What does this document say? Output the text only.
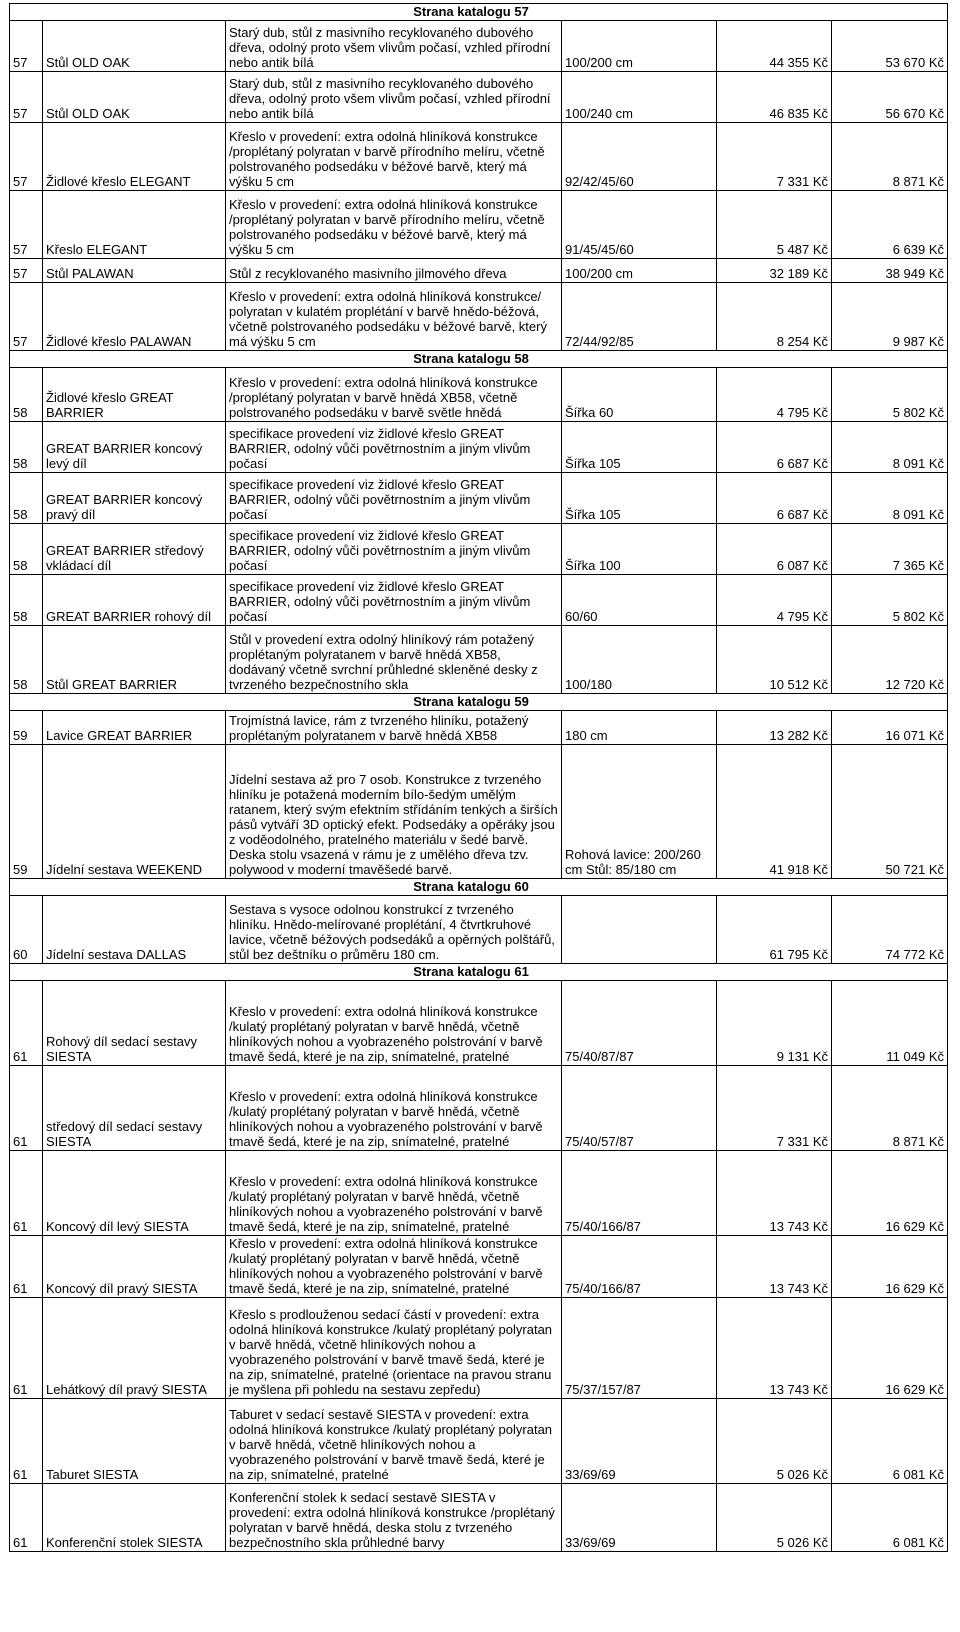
		Strana katalogu 57			
57	Stůl OLD OAK	Starý dub, stůl z masivního recyklovaného dubového dřeva, odolný proto všem vlivům počasí, vzhled přírodní nebo antik bílá	100/200 cm	44 355 Kč	53 670 Kč
57	Stůl OLD OAK	Starý dub, stůl z masivního recyklovaného dubového dřeva, odolný proto všem vlivům počasí, vzhled přírodní nebo antik bílá	100/240 cm	46 835 Kč	56 670 Kč
57	Židlové křeslo ELEGANT	Křeslo v provedení: extra odolná hliníková konstrukce /proplétaný polyratan v barvě přírodního melíru, včetně polstrovaného podsedáku v béžové barvě, který má výšku 5 cm	92/42/45/60	7 331 Kč	8 871 Kč
57	Křeslo ELEGANT	Křeslo v provedení: extra odolná hliníková konstrukce /proplétaný polyratan v barvě přírodního melíru, včetně polstrovaného podsedáku v béžové barvě, který má výšku 5 cm	91/45/45/60	5 487 Kč	6 639 Kč
57	Stůl PALAWAN	Stůl z recyklovaného masivního jilmového dřeva	100/200 cm	32 189 Kč	38 949 Kč
57	Židlové křeslo PALAWAN	Křeslo v provedení: extra odolná hliníková konstrukce/ polyratan v kulatém proplétání v barvě hnědo-béžová, včetně polstrovaného podsedáku v béžové barvě, který má výšku 5 cm	72/44/92/85	8 254 Kč	9 987 Kč
		Strana katalogu 58			
58	Židlové křeslo GREAT BARRIER	Křeslo v provedení: extra odolná hliníková konstrukce /proplétaný polyratan v barvě hnědá XB58, včetně polstrovaného podsedáku v barvě světle hnědá	Šířka 60	4 795 Kč	5 802 Kč
58	GREAT BARRIER koncový levý díl	specifikace provedení viz židlové křeslo GREAT BARRIER, odolný vůči povětrnostním a jiným vlivům počasí	Šířka 105	6 687 Kč	8 091 Kč
58	GREAT BARRIER koncový pravý díl	specifikace provedení viz židlové křeslo GREAT BARRIER, odolný vůči povětrnostním a jiným vlivům počasí	Šířka 105	6 687 Kč	8 091 Kč
58	GREAT BARRIER středový vkládací díl	specifikace provedení viz židlové křeslo GREAT BARRIER, odolný vůči povětrnostním a jiným vlivům počasí	Šířka 100	6 087 Kč	7 365 Kč
58	GREAT BARRIER rohový díl	specifikace provedení viz židlové křeslo GREAT BARRIER, odolný vůči povětrnostním a jiným vlivům počasí	60/60	4 795 Kč	5 802 Kč
58	Stůl GREAT BARRIER	Stůl v provedení extra odolný hliníkový rám potažený proplétaným polyratanem v barvě hnědá XB58, dodávaný včetně svrchní průhledné skleněné desky z tvrzeného bezpečnostního skla	100/180	10 512 Kč	12 720 Kč
		Strana katalogu 59			
59	Lavice GREAT BARRIER	Trojmístná lavice, rám z tvrzeného hliníku, potažený proplétaným polyratanem v barvě hnědá XB58	180 cm	13 282 Kč	16 071 Kč
59	Jídelní sestava WEEKEND	Jídelní sestava až pro 7 osob. Konstrukce z tvrzeného hliníku je potažená moderním bílo-šedým umělým ratanem, který svým efektním střídáním tenkých a širších pásů vytváří 3D optický efekt. Podsedáky a opěráky jsou z voděodolného, pratelného materiálu v šedé barvě. Deska stolu vsazená v rámu je z umělého dřeva tzv. polywood v moderní tmavěšedé barvě.	Rohová lavice: 200/260 cm Stůl: 85/180 cm	41 918 Kč	50 721 Kč
		Strana katalogu 60			
60	Jídelní sestava DALLAS	Sestava s vysoce odolnou konstrukcí z tvrzeného hliníku. Hnědo-melírované proplétání, 4 čtvrtkruhové lavice, včetně béžových podsedáků a opěrných polštářů, stůl bez deštníku o průměru 180 cm.		61 795 Kč	74 772 Kč
		Strana katalogu 61			
61	Rohový díl sedací sestavy SIESTA	Křeslo v provedení: extra odolná hliníková konstrukce /kulatý proplétaný polyratan v barvě hnědá, včetně hliníkových nohou a vyobrazeného polstrování v barvě tmavě šedá, které je na zip, snímatelné, pratelné	75/40/87/87	9 131 Kč	11 049 Kč
61	středový díl sedací sestavy SIESTA	Křeslo v provedení: extra odolná hliníková konstrukce /kulatý proplétaný polyratan v barvě hnědá, včetně hliníkových nohou a vyobrazeného polstrování v barvě tmavě šedá, které je na zip, snímatelné, pratelné	75/40/57/87	7 331 Kč	8 871 Kč
61	Koncový díl levý SIESTA	Křeslo v provedení: extra odolná hliníková konstrukce /kulatý proplétaný polyratan v barvě hnědá, včetně hliníkových nohou a vyobrazeného polstrování v barvě tmavě šedá, které je na zip, snímatelné, pratelné	75/40/166/87	13 743 Kč	16 629 Kč
61	Koncový díl pravý SIESTA	Křeslo v provedení: extra odolná hliníková konstrukce /kulatý proplétaný polyratan v barvě hnědá, včetně hliníkových nohou a vyobrazeného polstrování v barvě tmavě šedá, které je na zip, snímatelné, pratelné	75/40/166/87	13 743 Kč	16 629 Kč
61	Lehátkový díl pravý SIESTA	Křeslo s prodlouženou sedací částí v provedení: extra odolná hliníková konstrukce /kulatý proplétaný polyratan v barvě hnědá, včetně hliníkových nohou a vyobrazeného polstrování v barvě tmavě šedá, které je na zip, snímatelné, pratelné (orientace na pravou stranu je myšlena při pohledu na sestavu zepředu)	75/37/157/87	13 743 Kč	16 629 Kč
61	Taburet SIESTA	Taburet v sedací sestavě SIESTA v provedení: extra odolná hliníková konstrukce /kulatý proplétaný polyratan v barvě hnědá, včetně hliníkových nohou a vyobrazeného polstrování v barvě tmavě šedá, které je na zip, snímatelné, pratelné	33/69/69	5 026 Kč	6 081 Kč
61	Konferenční stolek SIESTA	Konferenční stolek k sedací sestavě SIESTA v provedení: extra odolná hliníková konstrukce /proplétaný polyratan v barvě hnědá, deska stolu z tvrzeného bezpečnostního skla průhledné barvy	33/69/69	5 026 Kč	6 081 Kč
